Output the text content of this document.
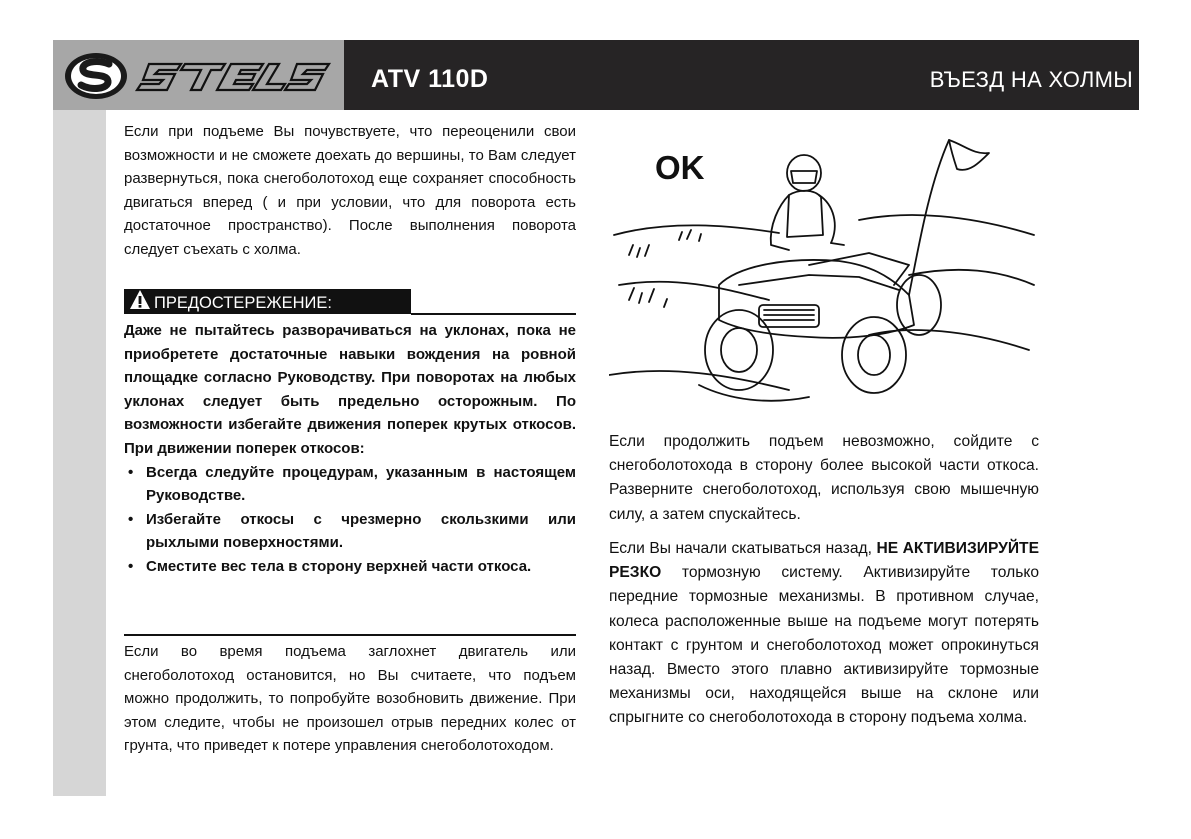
ATV 110D	ВЪЕЗД НА ХОЛМЫ

Если при подъеме Вы почувствуете, что переоценили свои возможности и не сможете доехать до вершины, то Вам следует развернуться, пока снегоболотоход еще сохраняет способность двигаться вперед ( и при условии, что для поворота есть достаточное пространство). После выполнения поворота следует съехать с холма.

ПРЕДОСТЕРЕЖЕНИЕ:

Даже не пытайтесь разворачиваться на уклонах, пока не приобретете достаточные навыки вождения на ровной площадке согласно Руководству. При поворотах на любых уклонах следует быть предельно осторожным. По возможности избегайте движения поперек крутых откосов. При движении поперек откосов:

• Всегда следуйте процедурам, указанным в настоящем Руководстве.
• Избегайте откосы с чрезмерно скользкими или рыхлыми поверхностями.
• Сместите вес тела в сторону верхней части откоса.

Если во время подъема заглохнет двигатель или снегоболотоход остановится, но Вы считаете, что подъем можно продолжить, то попробуйте возобновить движение. При этом следите, чтобы не произошел отрыв передних колес от грунта, что приведет к потере управления снегоболотоходом.

OK

Если продолжить подъем невозможно, сойдите с снегоболотохода в сторону более высокой части откоса. Разверните снегоболотоход, используя свою мышечную силу, а затем спускайтесь.

Если Вы начали скатываться назад, НЕ АКТИВИЗИРУЙТЕ РЕЗКО тормозную систему. Активизируйте только передние тормозные механизмы. В противном случае, колеса расположенные выше на подъеме могут потерять контакт с грунтом и снегоболотоход может опрокинуться назад. Вместо этого плавно активизируйте тормозные механизмы оси, находящейся выше на склоне или спрыгните со снегоболотохода в сторону подъема холма.
